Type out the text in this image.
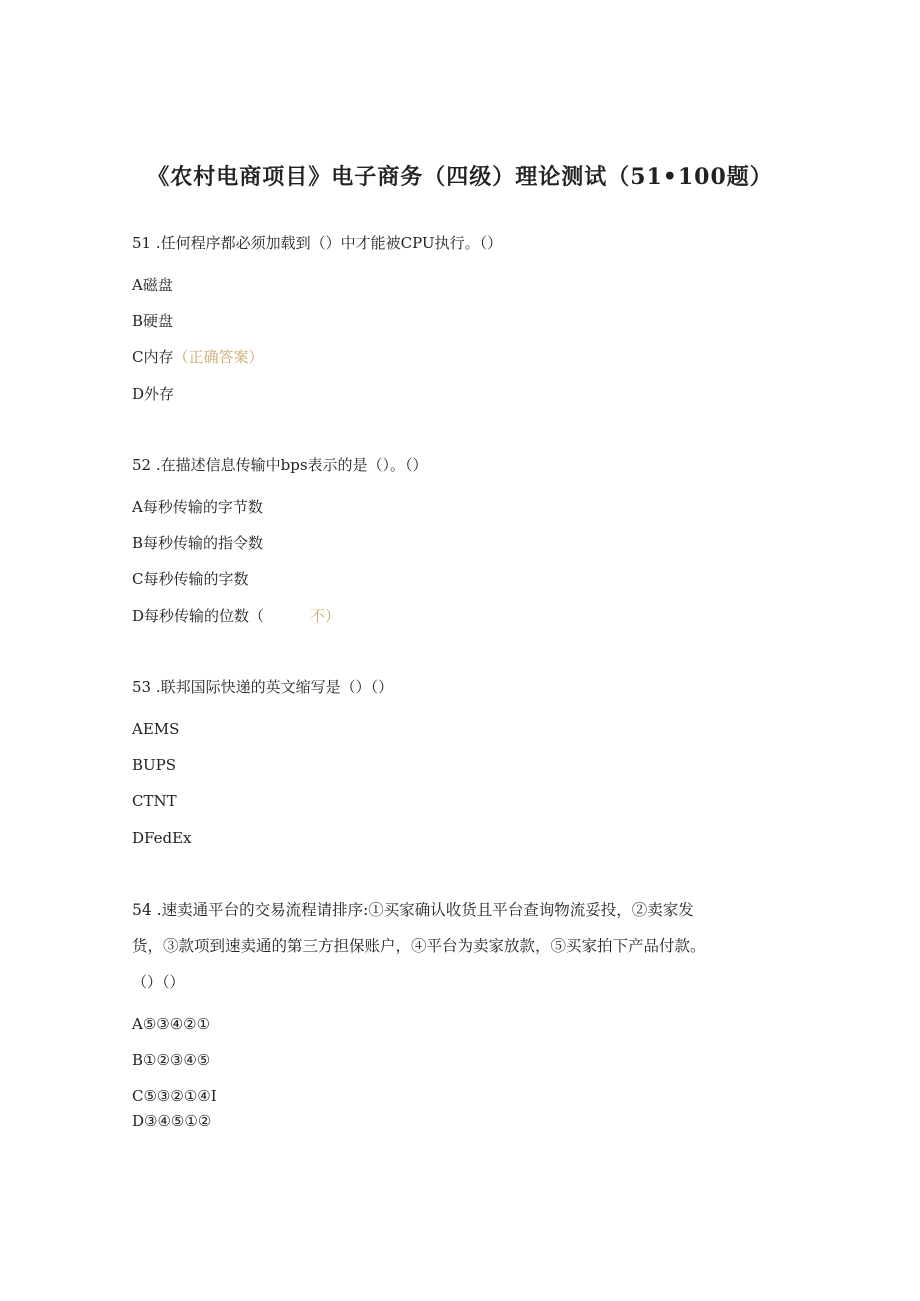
《农村电商项目》电子商务（四级）理论测试（51•100题）
51 .任何程序都必须加载到（）中才能被CPU执行。（）
A磁盘
B硬盘
C内存（正确答案）
D外存
52 .在描述信息传输中bps表示的是（）。（）
A每秒传输的字节数
B每秒传输的指令数
C每秒传输的字数
D每秒传输的位数（	不）
53 .联邦国际快递的英文缩写是（）（）
AEMS
BUPS
CTNT
DFedEx
54 .速卖通平台的交易流程请排序:①买家确认收货且平台查询物流妥投，②卖家发
货，③款项到速卖通的第三方担保账户，④平台为卖家放款，⑤买家拍下产品付款。
（）（）
A⑤③④②①
B①②③④⑤
C⑤③②①④I
D③④⑤①②
